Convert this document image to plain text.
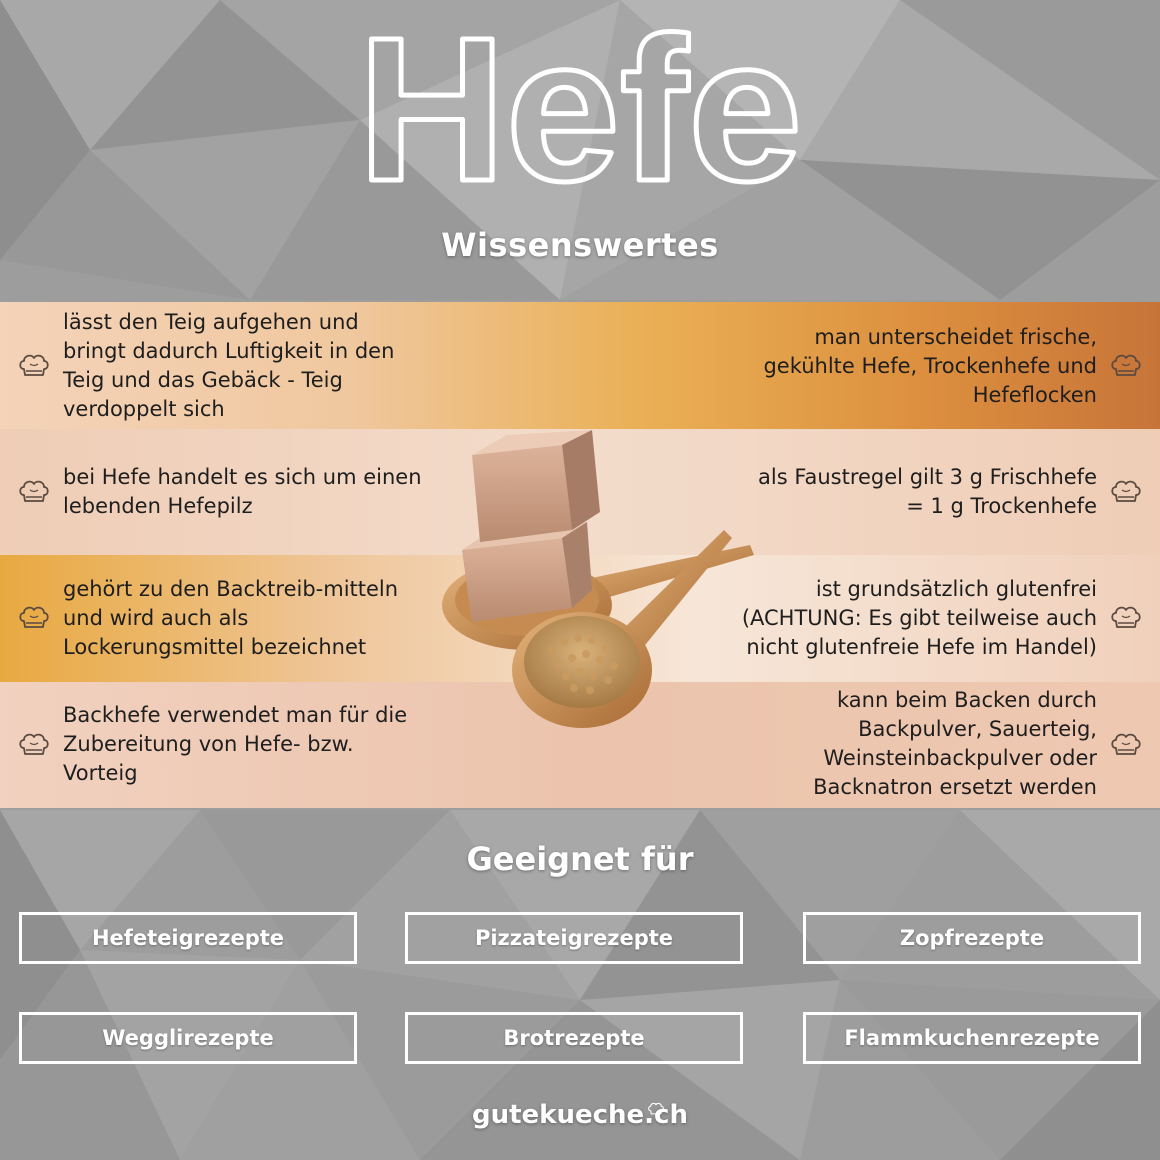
Hefe
Wissenswertes
lässt den Teig aufgehen und bringt dadurch Luftigkeit in den Teig und das Gebäck - Teig verdoppelt sich
bei Hefe handelt es sich um einen lebenden Hefepilz
gehört zu den Backtreib-mitteln und wird auch als Lockerungsmittel bezeichnet
Backhefe verwendet man für die Zubereitung von Hefe- bzw. Vorteig
man unterscheidet frische, gekühlte Hefe, Trockenhefe und Hefeflocken
als Faustregel gilt 3 g Frischhefe = 1 g Trockenhefe
ist grundsätzlich glutenfrei (ACHTUNG: Es gibt teilweise auch nicht glutenfreie Hefe im Handel)
kann beim Backen durch Backpulver, Sauerteig, Weinsteinbackpulver oder Backnatron ersetzt werden
Geeignet für
Hefeteigrezepte	Pizzateigrezepte	Zopfrezepte
Wegglirezepte	Brotrezepte	Flammkuchenrezepte
gutekueche.ch
